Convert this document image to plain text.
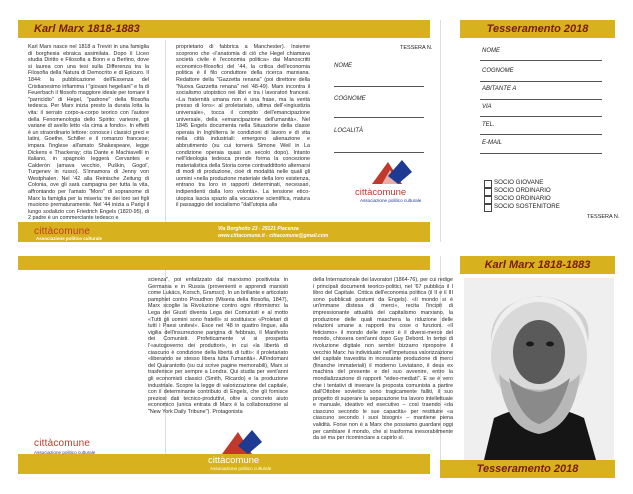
Karl Marx 1818-1883	Tesseramento 2018

Karl Marx nasce nel 1818 a Treviri in una famiglia di borghesia ebraica assimilata. Dopo il Liceo studia Diritto e Filosofia a Bonn e a Berlino, dove si laurea con una tesi sulla Differenza tra la Filosofia della Natura di Democrito e di Epicuro. Il 1844: la pubblicazione dell'Essenza del Cristianesimo infiamma i "giovani hegeliani" e fa di Feuerbach il filosofo maggiore ideale per tornare il "parricidio" di Hegel, "padrone" della filosofia tedesca. Per Marx inizia presto la durata lotta la vita: il serrato corpo-a-corpo teorico con l'autore della Fenomenologia dello Spirito: variesre, gli variane di avello letto «la cima a fondo». In effetti è un straordinario lettore: conosce i classici greci e latini, Goethe, Schiller e il romanzo francese; impara l'inglese all'amato Shakespeare, legge Dickens e Thackeray; cita Dante e Machiavelli in italiano, in spagnolo leggerà Cervantes e Calderón (amava vecchio, Puškin, Gogol', Turgenev in russo). S'innamora di Jenny von Westphalen. Nel '42 alla Reinische Zeitung di Colonia, ove gli sarà campagna per tutta la vita, affrontando per l'amato "Moro" di sopranome di Marx la famiglia per la miseria: tre dei loro sei figli muoiono prematuramente. Nel '44 inizia a Parigi il lungo sodalizio con Friedrich Engels (1820-95), di 2 padre è un commerciante tedesco e

proprietario di fabbrica a Manchester). Insieme scoprono che «l'anatomia di ciò che Hegel chiamava società civile è l'economia politica» dai Manoscritti economico-filosofici del '44, la critica dell'economia politica è il filo conduttore della ricerca marxiana. Redattore della "Gazzetta renana" (poi direttore della "Nuova Gazzetta renana" nel '48-49). Marx incontra il socialismo utopistico nei libri e tra i lavoratori francesi. «La fraternità umana non è una frase, ma la verità presso di loro»: al proletariato, ultima dell'«ingiustizia universale», tocca il compito dell'emancipazione universale, della «emancipazione dell'umanità». Nel 1845 Engels documenta nella Situazione della classe operaia in Inghilterra le condizioni di lavoro e di vita nella città industriali: emergono alienazione e abbrutimento (su cui tornerà Simone Weil in La condizione operaia quasi un secolo dopo). Intanto nell'Ideologia tedesca prende forma la concezione materialistica della Storia come contraddittorio alternarsi di modi di produzione, cioè di modalità nelle quali gli uomini «nella produzione materiale della loro esistenza, entrano tra loro in rapporti determinati, necessari, indipendenti dalla loro volontà». La tensione etico-utopica lascia spazio alla vocazione scientifica, matura il passaggio del socialismo "dall'utopia alla

TESSERA N.
NOME
COGNOME
LOCALITÀ
NOME
COGNOME
ABITANTE A
VIA
TEL.
E-MAIL
cittàcomune
Associazione politico culturale
SOCIO GIOVANE
SOCIO ORDINARIO
SOCIO ORDINARIO
SOCIO SOSTENITORE
TESSERA N.
cittàcomune	Via Borghetto 23 - 29121 Piacenza
www.cittacomune.it - cittacomune@gmail.com
Associazione politico culturale
Karl Marx 1818-1883

scienza", poi enfatizzato dal marxismo positivista in Germania e in Russia (provenienti e apprendi marxisti come Lukács, Korsch, Gramsci). In un brillante e articolato pamphlet contro Proudhon (Miseria della filosofia, 1847), Marx scoglie la Rivoluzione contro ogni riformismo: la Lega dei Giusti diventa Lega dei Comunisti e al motto «Tutti gli uomini sono fratelli» si sostituisce «Proletari di tutti i Paesi unitevi». Esce nel '48 in quattro lingue, alla vigilia dell'insurrezione parigina di febbraio, il Manifesto dei Comunisti. Profeticamente vi si prospetta l'«autogoverno dei produttori», in cui «la libertà di ciascuno è condizione della libertà di tutti»: il proletariato «liberando se stesso libera tutta l'umanità». All'indomani del Quarantotto (su cui scrive pagine memorabili), Marx si trasferisce per sempre a Londra. Qui studia per vent'anni gli economisti classici (Smith, Ricardo) e la produzione industriale. Scopre la legge di valorizzazione del capitale, con il determinante contributo di Engels, che gli fornisce preziosi dati tecnico-produttivi, oltre a concreto aiuto economico (unica entrata di Marx è la collaborazione al "New York Daily Tribune"). Protagonista

della Internazionale dei lavoratori (1864-76), per cui redige i principali documenti teorico-politici, nel '67 pubblica il I libro del Capitale. Critica dell'economia politica (il II e il III sono pubblicati postumi da Engels). «Il mondo si è un'immane distesa di merci», recita l'incipit di impressionante attualità del capitalismo marxiano, la produzione delle quali maschera la riduzione delle relazioni umane a rapporti tra cose o funzioni. «Il feticismo» il mondo delle merci è il diversi-merce del mondo, chiosera cent'anni dopo Guy Debord. In tempi di rivoluzione digitale non sembri bizzarro riproporre il vecchio Marx: ha individuato nell'impetuosa valorizzazione del capitale travestita in incessante produzione di merci (finanche immateriali) il moderno Leviatano, il deus ex machina del presente e del suo avvenire, entro la mondializzazione di rapporti "video-mediati". E se è vero che i tentativi di inverare la proposta comunista a partire dall'Ottobre sovietico sono tragicamente falliti, il suo progetto di superare la separazione tra lavoro intellettuale e manuale, ideativo ed esecutivo – così traendo «da ciascuno secondo le sue capacità» per restituire «a ciascuno secondo i suoi bisogni» – mantiene piena validità. Forse non è a Marx che possiamo guardare oggi per cambiare il mondo, che si trasforma inesorabilmente da sé ma per ricominciare a capirlo sì.

Tesseramento 2018
cittàcomune
Associazione politico culturale
cittàcomune
Associazione politico culturale
